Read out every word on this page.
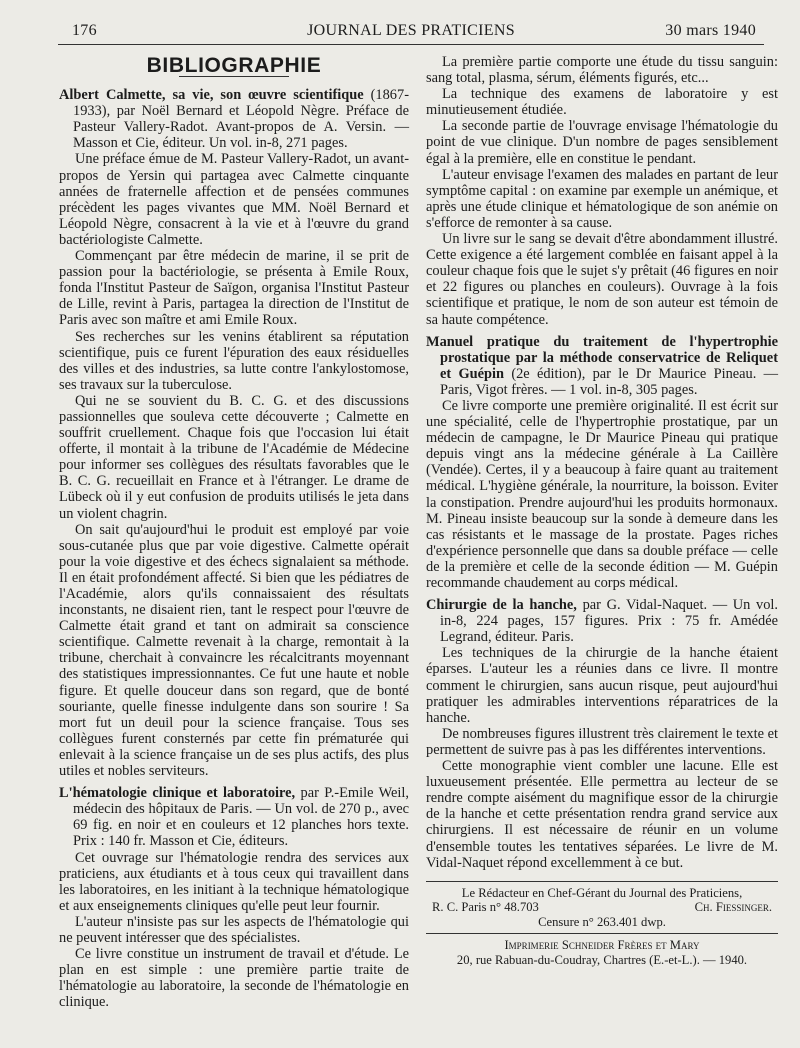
176	JOURNAL DES PRATICIENS	30 mars 1940
BIBLIOGRAPHIE

Albert Calmette, sa vie, son œuvre scientifique (1867-1933), par Noël Bernard et Léopold Nègre. Préface de Pasteur Vallery-Radot. Avant-propos de A. Versin. — Masson et Cie, éditeur. Un vol. in-8, 271 pages.

Une préface émue de M. Pasteur Vallery-Radot, un avant-propos de Yersin qui partagea avec Calmette cinquante années de fraternelle affection et de pensées communes précèdent les pages vivantes que MM. Noël Bernard et Léopold Nègre, consacrent à la vie et à l'œuvre du grand bactériologiste Calmette.

Commençant par être médecin de marine, il se prit de passion pour la bactériologie, se présenta à Emile Roux, fonda l'Institut Pasteur de Saïgon, organisa l'Institut Pasteur de Lille, revint à Paris, partagea la direction de l'Institut de Paris avec son maître et ami Emile Roux.

Ses recherches sur les venins établirent sa réputation scientifique, puis ce furent l'épuration des eaux résiduelles des villes et des industries, sa lutte contre l'ankylostomose, ses travaux sur la tuberculose.

Qui ne se souvient du B. C. G. et des discussions passionnelles que souleva cette découverte ; Calmette en souffrit cruellement. Chaque fois que l'occasion lui était offerte, il montait à la tribune de l'Académie de Médecine pour informer ses collègues des résultats favorables que le B. C. G. recueillait en France et à l'étranger. Le drame de Lübeck où il y eut confusion de produits utilisés le jeta dans un violent chagrin.

On sait qu'aujourd'hui le produit est employé par voie sous-cutanée plus que par voie digestive. Calmette opérait pour la voie digestive et des échecs signalaient sa méthode. Il en était profondément affecté. Si bien que les pédiatres de l'Académie, alors qu'ils connaissaient des résultats inconstants, ne disaient rien, tant le respect pour l'œuvre de Calmette était grand et tant on admirait sa conscience scientifique. Calmette revenait à la charge, remontait à la tribune, cherchait à convaincre les récalcitrants moyennant des statistiques impressionnantes. Ce fut une haute et noble figure. Et quelle douceur dans son regard, que de bonté souriante, quelle finesse indulgente dans son sourire ! Sa mort fut un deuil pour la science française. Tous ses collègues furent consternés par cette fin prématurée qui enlevait à la science française un de ses plus actifs, des plus utiles et nobles serviteurs.

L'hématologie clinique et laboratoire, par P.-Emile Weil, médecin des hôpitaux de Paris. — Un vol. de 270 p., avec 69 fig. en noir et en couleurs et 12 planches hors texte. Prix : 140 fr. Masson et Cie, éditeurs.

Cet ouvrage sur l'hématologie rendra des services aux praticiens, aux étudiants et à tous ceux qui travaillent dans les laboratoires, en les initiant à la technique hématologique et aux enseignements cliniques qu'elle peut leur fournir.

L'auteur n'insiste pas sur les aspects de l'hématologie qui ne peuvent intéresser que des spécialistes.

Ce livre constitue un instrument de travail et d'étude. Le plan en est simple : une première partie traite de l'hématologie au laboratoire, la seconde de l'hématologie en clinique.

La première partie comporte une étude du tissu sanguin: sang total, plasma, sérum, éléments figurés, etc...

La technique des examens de laboratoire y est minutieusement étudiée.

La seconde partie de l'ouvrage envisage l'hématologie du point de vue clinique. D'un nombre de pages sensiblement égal à la première, elle en constitue le pendant.

L'auteur envisage l'examen des malades en partant de leur symptôme capital : on examine par exemple un anémique, et après une étude clinique et hématologique de son anémie on s'efforce de remonter à sa cause.

Un livre sur le sang se devait d'être abondamment illustré. Cette exigence a été largement comblée en faisant appel à la couleur chaque fois que le sujet s'y prêtait (46 figures en noir et 22 figures ou planches en couleurs). Ouvrage à la fois scientifique et pratique, le nom de son auteur est témoin de sa haute compétence.

Manuel pratique du traitement de l'hypertrophie prostatique par la méthode conservatrice de Reliquet et Guépin (2e édition), par le Dr Maurice Pineau. — Paris, Vigot frères. — 1 vol. in-8, 305 pages.

Ce livre comporte une première originalité. Il est écrit sur une spécialité, celle de l'hypertrophie prostatique, par un médecin de campagne, le Dr Maurice Pineau qui pratique depuis vingt ans la médecine générale à La Caillère (Vendée). Certes, il y a beaucoup à faire quant au traitement médical. L'hygiène générale, la nourriture, la boisson. Eviter la constipation. Prendre aujourd'hui les produits hormonaux. M. Pineau insiste beaucoup sur la sonde à demeure dans les cas résistants et le massage de la prostate. Pages riches d'expérience personnelle que dans sa double préface — celle de la première et celle de la seconde édition — M. Guépin recommande chaudement au corps médical.

Chirurgie de la hanche, par G. Vidal-Naquet. — Un vol. in-8, 224 pages, 157 figures. Prix : 75 fr. Amédée Legrand, éditeur. Paris.

Les techniques de la chirurgie de la hanche étaient éparses. L'auteur les a réunies dans ce livre. Il montre comment le chirurgien, sans aucun risque, peut aujourd'hui pratiquer les admirables interventions réparatrices de la hanche.

De nombreuses figures illustrent très clairement le texte et permettent de suivre pas à pas les différentes interventions.

Cette monographie vient combler une lacune. Elle est luxueusement présentée. Elle permettra au lecteur de se rendre compte aisément du magnifique essor de la chirurgie de la hanche et cette présentation rendra grand service aux chirurgiens. Il est nécessaire de réunir en un volume d'ensemble toutes les tentatives séparées. Le livre de M. Vidal-Naquet répond excellemment à ce but.

Le Rédacteur en Chef-Gérant du Journal des Praticiens,
R. C. Paris n° 48.703	Ch. Fiessinger.
Censure n° 263.401 dwp.
Imprimerie Schneider Frères et Mary
20, rue Rabuan-du-Coudray, Chartres (E.-et-L.). — 1940.
